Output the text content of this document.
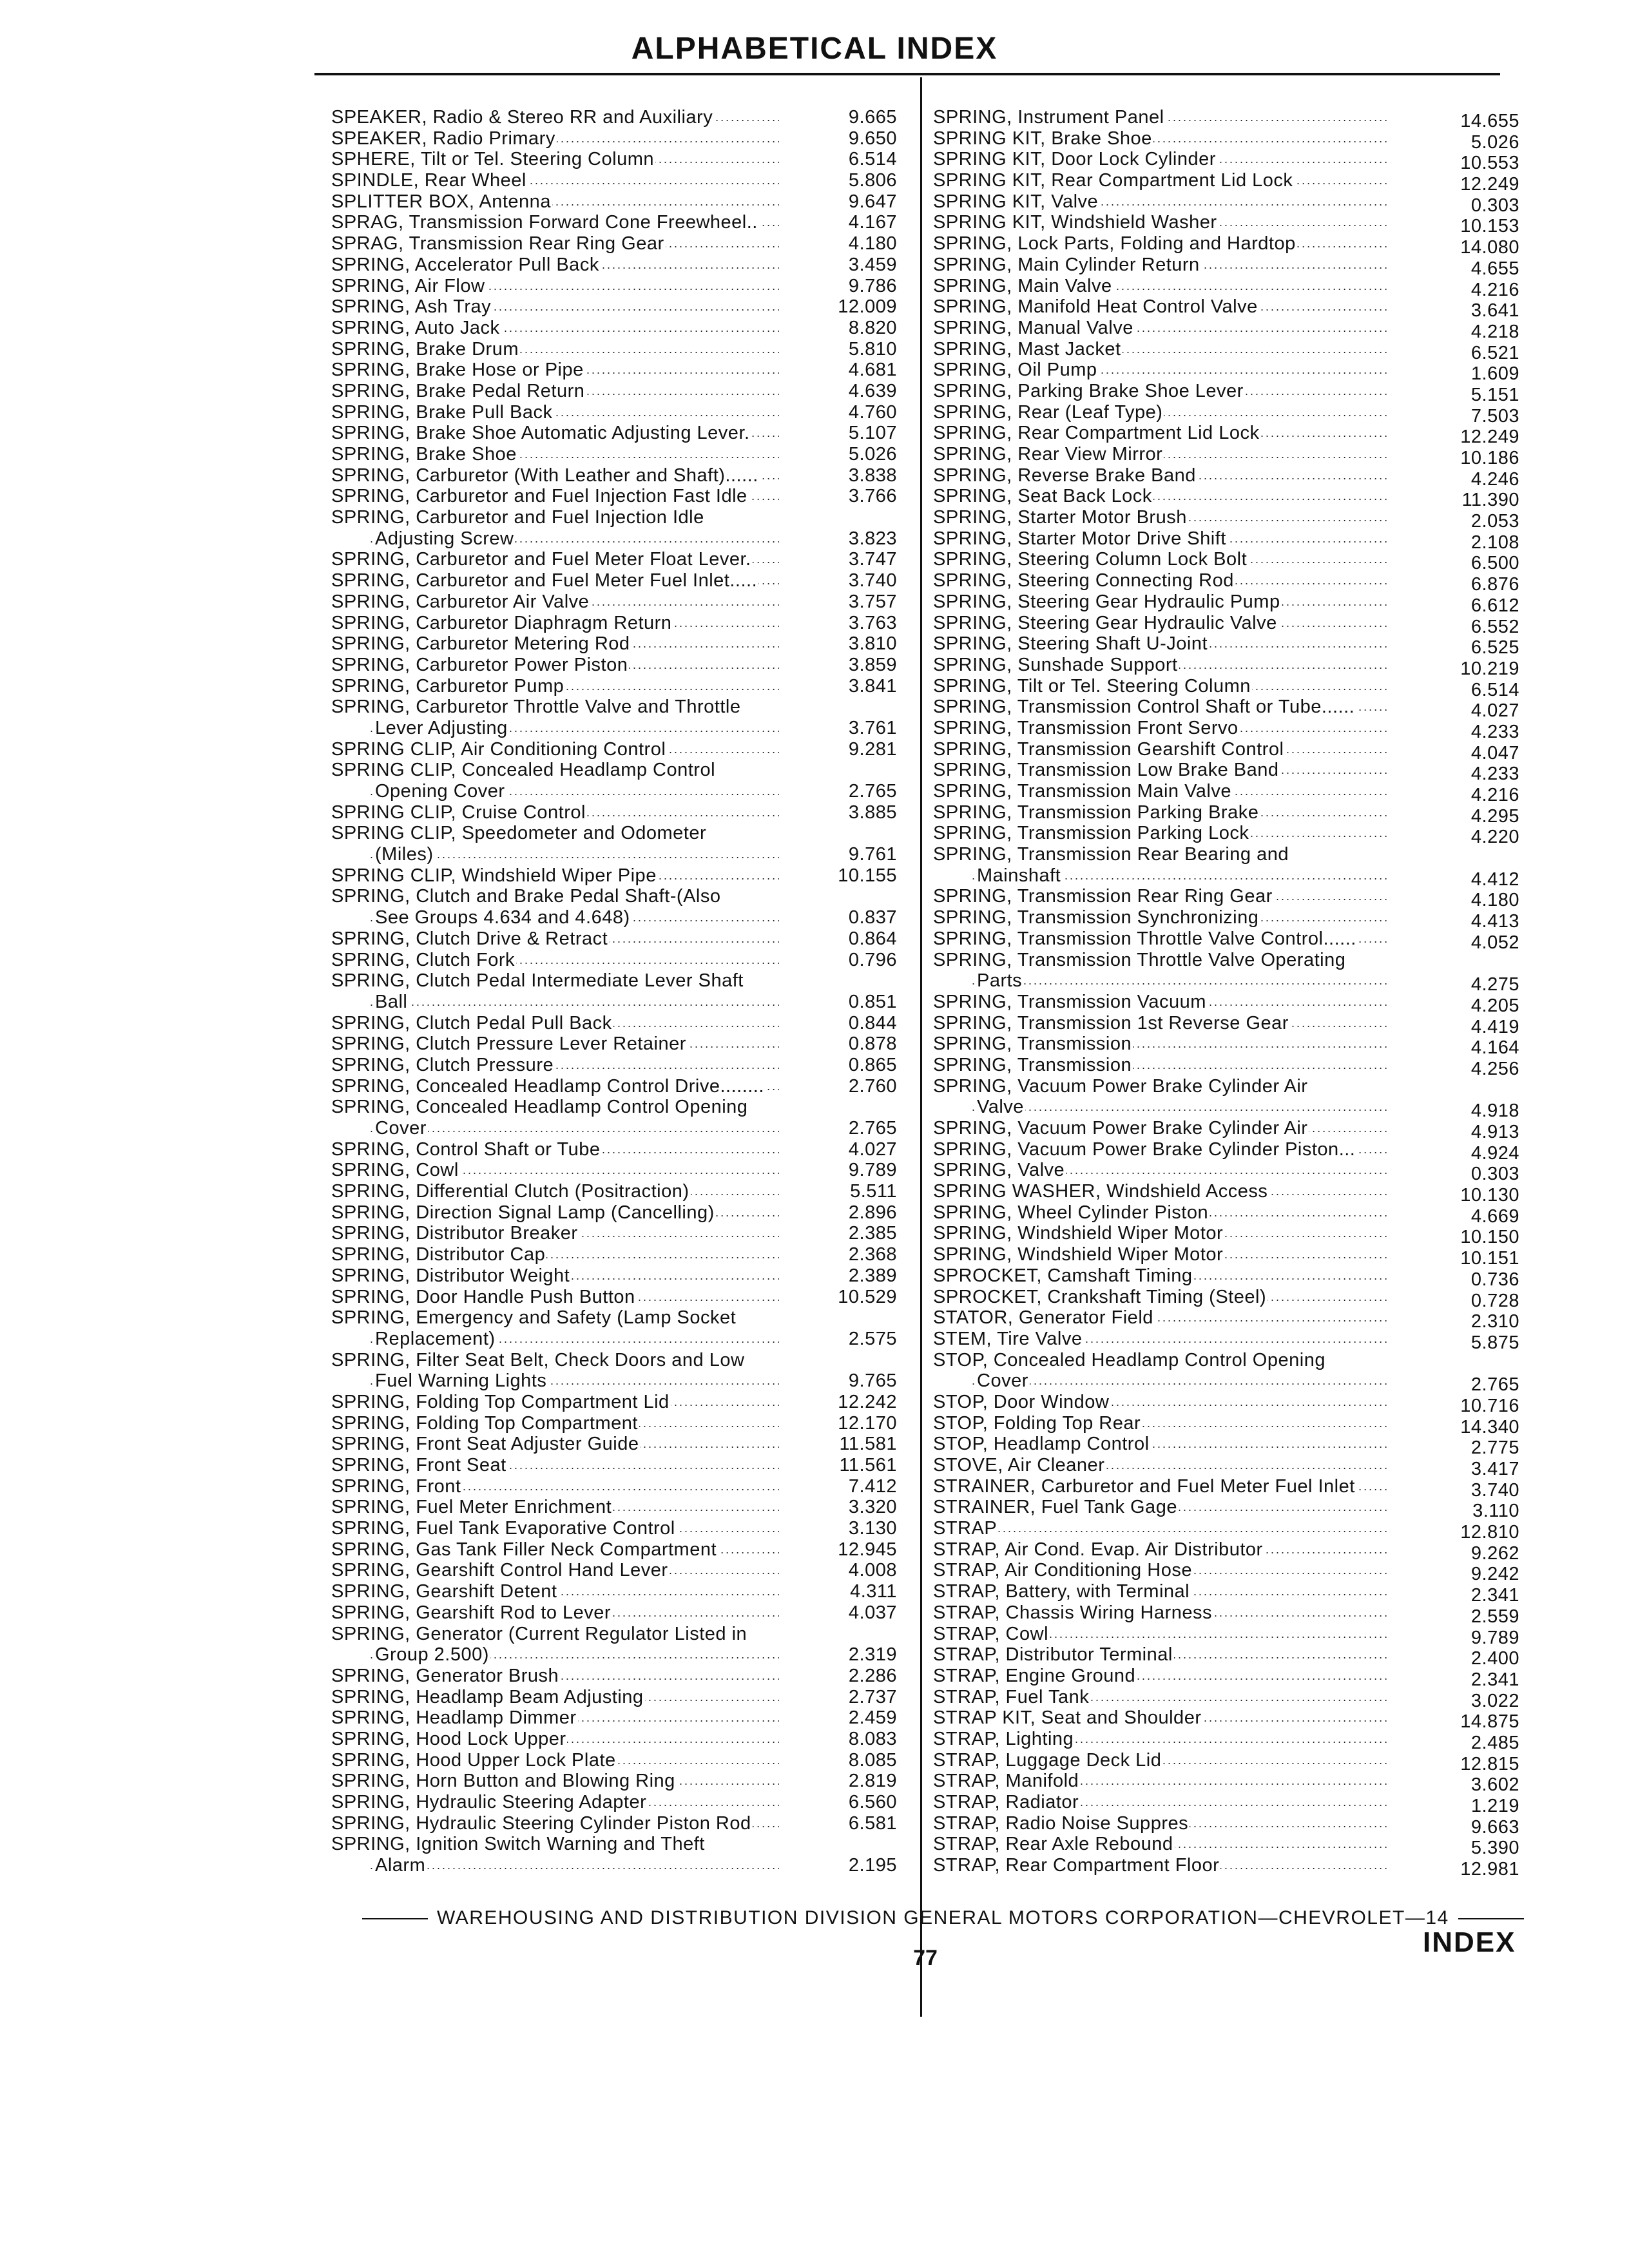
ALPHABETICAL INDEX
.....
SPEAKER, Radio & Stereo RR and Auxiliary	9.665
.....
SPEAKER, Radio Primary	9.650
.....
SPHERE, Tilt or Tel. Steering Column	6.514
.....
SPINDLE, Rear Wheel	5.806
.....
SPLITTER BOX, Antenna	9.647
.....
SPRAG, Transmission Forward Cone Freewheel..	4.167
.....
SPRAG, Transmission Rear Ring Gear	4.180
.....
SPRING, Accelerator Pull Back	3.459
.....
SPRING, Air Flow	9.786
.....
SPRING, Ash Tray	12.009
.....
SPRING, Auto Jack	8.820
.....
SPRING, Brake Drum	5.810
.....
SPRING, Brake Hose or Pipe	4.681
.....
SPRING, Brake Pedal Return	4.639
.....
SPRING, Brake Pull Back	4.760
.....
SPRING, Brake Shoe Automatic Adjusting Lever.	5.107
.....
SPRING, Brake Shoe	5.026
.....
SPRING, Carburetor (With Leather and Shaft)......	3.838
.....
SPRING, Carburetor and Fuel Injection Fast Idle	3.766
SPRING, Carburetor and Fuel Injection Idle
.....
Adjusting Screw	3.823
.....
SPRING, Carburetor and Fuel Meter Float Lever.	3.747
.....
SPRING, Carburetor and Fuel Meter Fuel Inlet.....	3.740
.....
SPRING, Carburetor Air Valve	3.757
.....
SPRING, Carburetor Diaphragm Return	3.763
.....
SPRING, Carburetor Metering Rod	3.810
.....
SPRING, Carburetor Power Piston	3.859
.....
SPRING, Carburetor Pump	3.841
SPRING, Carburetor Throttle Valve and Throttle
.....
Lever Adjusting	3.761
.....
SPRING CLIP, Air Conditioning Control	9.281
SPRING CLIP, Concealed Headlamp Control
.....
Opening Cover	2.765
.....
SPRING CLIP, Cruise Control	3.885
SPRING CLIP, Speedometer and Odometer
.....
(Miles)	9.761
.....
SPRING CLIP, Windshield Wiper Pipe	10.155
SPRING, Clutch and Brake Pedal Shaft-(Also
.....
See Groups 4.634 and 4.648)	0.837
.....
SPRING, Clutch Drive & Retract	0.864
.....
SPRING, Clutch Fork	0.796
SPRING, Clutch Pedal Intermediate Lever Shaft
.....
Ball	0.851
.....
SPRING, Clutch Pedal Pull Back	0.844
.....
SPRING, Clutch Pressure Lever Retainer	0.878
.....
SPRING, Clutch Pressure	0.865
.....
SPRING, Concealed Headlamp Control Drive........	2.760
SPRING, Concealed Headlamp Control Opening
.....
Cover	2.765
.....
SPRING, Control Shaft or Tube	4.027
.....
SPRING, Cowl	9.789
.....
SPRING, Differential Clutch (Positraction)	5.511
.....
SPRING, Direction Signal Lamp (Cancelling)	2.896
.....
SPRING, Distributor Breaker	2.385
.....
SPRING, Distributor Cap	2.368
.....
SPRING, Distributor Weight	2.389
.....
SPRING, Door Handle Push Button	10.529
SPRING, Emergency and Safety (Lamp Socket
.....
Replacement)	2.575
SPRING, Filter Seat Belt, Check Doors and Low
.....
Fuel Warning Lights	9.765
.....
SPRING, Folding Top Compartment Lid	12.242
.....
SPRING, Folding Top Compartment	12.170
.....
SPRING, Front Seat Adjuster Guide	11.581
.....
SPRING, Front Seat	11.561
.....
SPRING, Front	7.412
.....
SPRING, Fuel Meter Enrichment	3.320
.....
SPRING, Fuel Tank Evaporative Control	3.130
.....
SPRING, Gas Tank Filler Neck Compartment	12.945
.....
SPRING, Gearshift Control Hand Lever	4.008
.....
SPRING, Gearshift Detent	4.311
.....
SPRING, Gearshift Rod to Lever	4.037
SPRING, Generator (Current Regulator Listed in
.....
Group 2.500)	2.319
.....
SPRING, Generator Brush	2.286
.....
SPRING, Headlamp Beam Adjusting	2.737
.....
SPRING, Headlamp Dimmer	2.459
.....
SPRING, Hood Lock Upper	8.083
.....
SPRING, Hood Upper Lock Plate	8.085
.....
SPRING, Horn Button and Blowing Ring	2.819
.....
SPRING, Hydraulic Steering Adapter	6.560
.....
SPRING, Hydraulic Steering Cylinder Piston Rod	6.581
SPRING, Ignition Switch Warning and Theft
.....
Alarm	2.195
.....
SPRING, Instrument Panel	14.655
.....
SPRING KIT, Brake Shoe	5.026
.....
SPRING KIT, Door Lock Cylinder	10.553
.....
SPRING KIT, Rear Compartment Lid Lock	12.249
.....
SPRING KIT, Valve	0.303
.....
SPRING KIT, Windshield Washer	10.153
.....
SPRING, Lock Parts, Folding and Hardtop	14.080
.....
SPRING, Main Cylinder Return	4.655
.....
SPRING, Main Valve	4.216
.....
SPRING, Manifold Heat Control Valve	3.641
.....
SPRING, Manual Valve	4.218
.....
SPRING, Mast Jacket	6.521
.....
SPRING, Oil Pump	1.609
.....
SPRING, Parking Brake Shoe Lever	5.151
.....
SPRING, Rear (Leaf Type)	7.503
.....
SPRING, Rear Compartment Lid Lock	12.249
.....
SPRING, Rear View Mirror	10.186
.....
SPRING, Reverse Brake Band	4.246
.....
SPRING, Seat Back Lock	11.390
.....
SPRING, Starter Motor Brush	2.053
.....
SPRING, Starter Motor Drive Shift	2.108
.....
SPRING, Steering Column Lock Bolt	6.500
.....
SPRING, Steering Connecting Rod	6.876
.....
SPRING, Steering Gear Hydraulic Pump	6.612
.....
SPRING, Steering Gear Hydraulic Valve	6.552
.....
SPRING, Steering Shaft U-Joint	6.525
.....
SPRING, Sunshade Support	10.219
.....
SPRING, Tilt or Tel. Steering Column	6.514
.....
SPRING, Transmission Control Shaft or Tube......	4.027
.....
SPRING, Transmission Front Servo	4.233
.....
SPRING, Transmission Gearshift Control	4.047
.....
SPRING, Transmission Low Brake Band	4.233
.....
SPRING, Transmission Main Valve	4.216
.....
SPRING, Transmission Parking Brake	4.295
.....
SPRING, Transmission Parking Lock	4.220
SPRING, Transmission Rear Bearing and
.....
Mainshaft	4.412
.....
SPRING, Transmission Rear Ring Gear	4.180
.....
SPRING, Transmission Synchronizing	4.413
.....
SPRING, Transmission Throttle Valve Control......	4.052
SPRING, Transmission Throttle Valve Operating
.....
Parts	4.275
.....
SPRING, Transmission Vacuum	4.205
.....
SPRING, Transmission 1st Reverse Gear	4.419
.....
SPRING, Transmission	4.164
.....
SPRING, Transmission	4.256
SPRING, Vacuum Power Brake Cylinder Air
.....
Valve	4.918
.....
SPRING, Vacuum Power Brake Cylinder Air	4.913
.....
SPRING, Vacuum Power Brake Cylinder Piston...	4.924
.....
SPRING, Valve	0.303
.....
SPRING WASHER, Windshield Access	10.130
.....
SPRING, Wheel Cylinder Piston	4.669
.....
SPRING, Windshield Wiper Motor	10.150
.....
SPRING, Windshield Wiper Motor	10.151
.....
SPROCKET, Camshaft Timing	0.736
.....
SPROCKET, Crankshaft Timing (Steel)	0.728
.....
STATOR, Generator Field	2.310
.....
STEM, Tire Valve	5.875
STOP, Concealed Headlamp Control Opening
.....
Cover	2.765
.....
STOP, Door Window	10.716
.....
STOP, Folding Top Rear	14.340
.....
STOP, Headlamp Control	2.775
.....
STOVE, Air Cleaner	3.417
.....
STRAINER, Carburetor and Fuel Meter Fuel Inlet	3.740
.....
STRAINER, Fuel Tank Gage	3.110
.....
STRAP	12.810
.....
STRAP, Air Cond. Evap. Air Distributor	9.262
.....
STRAP, Air Conditioning Hose	9.242
.....
STRAP, Battery, with Terminal	2.341
.....
STRAP, Chassis Wiring Harness	2.559
.....
STRAP, Cowl	9.789
.....
STRAP, Distributor Terminal	2.400
.....
STRAP, Engine Ground	2.341
.....
STRAP, Fuel Tank	3.022
.....
STRAP KIT, Seat and Shoulder	14.875
.....
STRAP, Lighting	2.485
.....
STRAP, Luggage Deck Lid	12.815
.....
STRAP, Manifold	3.602
.....
STRAP, Radiator	1.219
.....
STRAP, Radio Noise Suppres	9.663
.....
STRAP, Rear Axle Rebound	5.390
.....
STRAP, Rear Compartment Floor	12.981
WAREHOUSING AND DISTRIBUTION DIVISION GENERAL MOTORS CORPORATION—CHEVROLET—14
77	INDEX
